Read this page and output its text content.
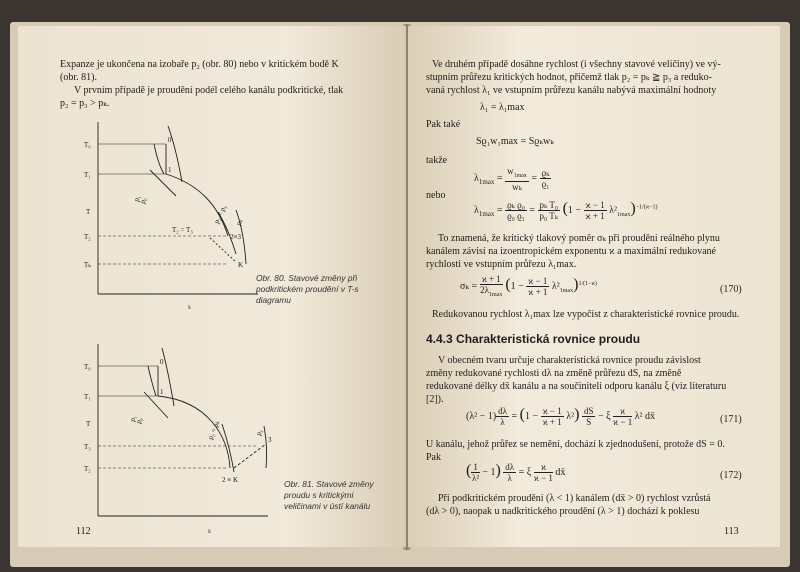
Expanze je ukončena na izobaře p₂ (obr. 80) nebo v kritickém bodě K
(obr. 81).
V prvním případě je proudění podél celého kanálu podkritické, tlak
p₂ = p₃ > pₖ.
T₀
T₁
T₂
Tₖ
T
s
0
1
2≡3
K
T₂ = T₃
p₁
p₀
p₂ = p₃ pₖ
Obr. 80. Stavové změny při
podkritickém proudění v T-s
diagramu
T₀
T₁
T₃
T₂
T
s
0
1
3
2 ≡ K
p₁
p₀	p₂ = pₖ	p₃
Obr. 81. Stavové změny
proudu s kritickými
veličinami v ústí kanálu
112
Ve druhém případě dosáhne rychlost (i všechny stavové veličiny) ve vý-
stupním průřezu kritických hodnot, přičemž tlak p₂ = pₖ ≧ p₃ a redukо-
vaná rychlost λ₁ ve vstupním průřezu kanálu nabývá maximální hodnoty
λ₁ = λ₁max
Pak také
Sϱ₁w₁max = Sϱₖwₖ
takže
$\lambda_{1max} = \frac{w_{1max}}{\text{wₖ}} = \frac{\text{ϱₖ}}{\text{ϱ₁}}$
nebo
$\lambda_{1max} = \frac{\text{ϱₖ ϱ₀}}{\text{ϱ₀ ϱ₁}} = \frac{\text{pₖ T₀}}{\text{p₀ Tₖ}} (1 - \frac{ϰ - 1}{ϰ + 1} \lambda^2_{1max})^{-1/(ϰ-1)}$
To znamená, že kritický tlakový poměr σₖ při proudění reálného plynu
kanálem závisí na izoentropickém exponentu ϰ a maximální redukované
rychlosti ve vstupním průřezu λ₁max.
$\sigma_k = \frac{ϰ + 1}{2\lambda_{1max}} (1 - \frac{ϰ - 1}{ϰ + 1} \lambda^2_{1max})^{1/(1-ϰ)}$
(170)
Redukovanou rychlost λ₁max lze vypočíst z charakteristické rovnice proudu.
4.4.3 Charakteristická rovnice proudu
V obecném tvaru určuje charakteristická rovnice proudu závislost
změny redukované rychlosti dλ na změně průřezu dS, na změně
redukované délky dx̄ kanálu a na součiniteli odporu kanálu ξ (viz literaturu
[2]).
$(\lambda^2 - 1) \frac{d\lambda}{\lambda} = (1 - \frac{ϰ - 1}{ϰ + 1} \lambda^2) \frac{dS}{S} - \xi \frac{ϰ}{ϰ - 1} \lambda^2$ dx̄	(171)
U kanálu, jehož průřez se nemění, dochází k zjednodušení, protože dS = 0.
Pak
( $\frac{1}{\text{λ²}} - 1) \frac{d\lambda}{\lambda} = \xi \frac{ϰ}{ϰ - 1}$ dx̄	(172)
Při podkritickém proudění (λ < 1) kanálem (dx̄ > 0) rychlost vzrůstá
(dλ > 0), naopak u nadkritického proudění (λ > 1) dochází k poklesu
113
